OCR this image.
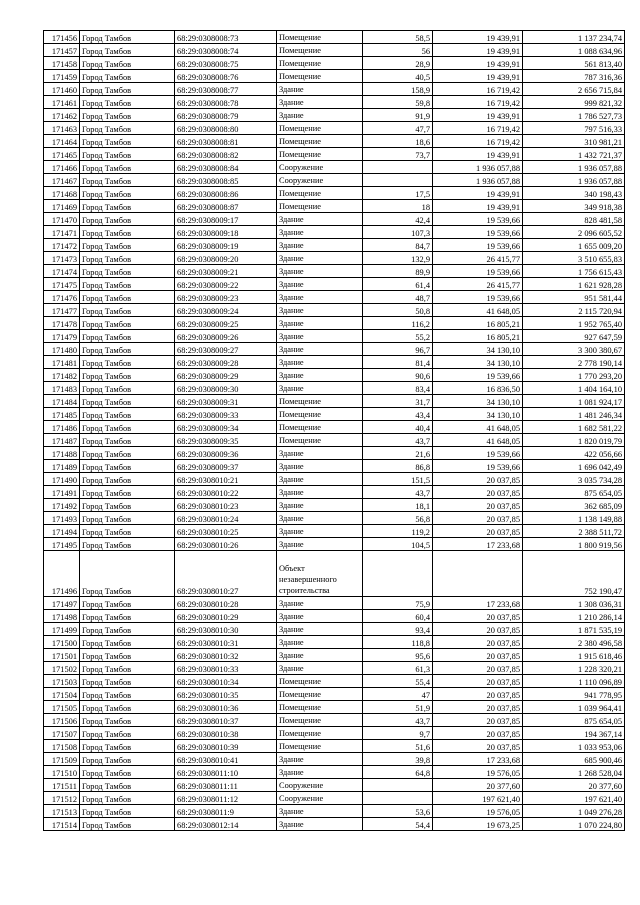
171456	Город Тамбов	68:29:0308008:73	Помещение	58,5	19 439,91	1 137 234,74
171457	Город Тамбов	68:29:0308008:74	Помещение	56	19 439,91	1 088 634,96
171458	Город Тамбов	68:29:0308008:75	Помещение	28,9	19 439,91	561 813,40
171459	Город Тамбов	68:29:0308008:76	Помещение	40,5	19 439,91	787 316,36
171460	Город Тамбов	68:29:0308008:77	Здание	158,9	16 719,42	2 656 715,84
171461	Город Тамбов	68:29:0308008:78	Здание	59,8	16 719,42	999 821,32
171462	Город Тамбов	68:29:0308008:79	Здание	91,9	19 439,91	1 786 527,73
171463	Город Тамбов	68:29:0308008:80	Помещение	47,7	16 719,42	797 516,33
171464	Город Тамбов	68:29:0308008:81	Помещение	18,6	16 719,42	310 981,21
171465	Город Тамбов	68:29:0308008:82	Помещение	73,7	19 439,91	1 432 721,37
171466	Город Тамбов	68:29:0308008:84	Сооружение		1 936 057,88	1 936 057,88
171467	Город Тамбов	68:29:0308008:85	Сооружение		1 936 057,88	1 936 057,88
171468	Город Тамбов	68:29:0308008:86	Помещение	17,5	19 439,91	340 198,43
171469	Город Тамбов	68:29:0308008:87	Помещение	18	19 439,91	349 918,38
171470	Город Тамбов	68:29:0308009:17	Здание	42,4	19 539,66	828 481,58
171471	Город Тамбов	68:29:0308009:18	Здание	107,3	19 539,66	2 096 605,52
171472	Город Тамбов	68:29:0308009:19	Здание	84,7	19 539,66	1 655 009,20
171473	Город Тамбов	68:29:0308009:20	Здание	132,9	26 415,77	3 510 655,83
171474	Город Тамбов	68:29:0308009:21	Здание	89,9	19 539,66	1 756 615,43
171475	Город Тамбов	68:29:0308009:22	Здание	61,4	26 415,77	1 621 928,28
171476	Город Тамбов	68:29:0308009:23	Здание	48,7	19 539,66	951 581,44
171477	Город Тамбов	68:29:0308009:24	Здание	50,8	41 648,05	2 115 720,94
171478	Город Тамбов	68:29:0308009:25	Здание	116,2	16 805,21	1 952 765,40
171479	Город Тамбов	68:29:0308009:26	Здание	55,2	16 805,21	927 647,59
171480	Город Тамбов	68:29:0308009:27	Здание	96,7	34 130,10	3 300 380,67
171481	Город Тамбов	68:29:0308009:28	Здание	81,4	34 130,10	2 778 190,14
171482	Город Тамбов	68:29:0308009:29	Здание	90,6	19 539,66	1 770 293,20
171483	Город Тамбов	68:29:0308009:30	Здание	83,4	16 836,50	1 404 164,10
171484	Город Тамбов	68:29:0308009:31	Помещение	31,7	34 130,10	1 081 924,17
171485	Город Тамбов	68:29:0308009:33	Помещение	43,4	34 130,10	1 481 246,34
171486	Город Тамбов	68:29:0308009:34	Помещение	40,4	41 648,05	1 682 581,22
171487	Город Тамбов	68:29:0308009:35	Помещение	43,7	41 648,05	1 820 019,79
171488	Город Тамбов	68:29:0308009:36	Здание	21,6	19 539,66	422 056,66
171489	Город Тамбов	68:29:0308009:37	Здание	86,8	19 539,66	1 696 042,49
171490	Город Тамбов	68:29:0308010:21	Здание	151,5	20 037,85	3 035 734,28
171491	Город Тамбов	68:29:0308010:22	Здание	43,7	20 037,85	875 654,05
171492	Город Тамбов	68:29:0308010:23	Здание	18,1	20 037,85	362 685,09
171493	Город Тамбов	68:29:0308010:24	Здание	56,8	20 037,85	1 138 149,88
171494	Город Тамбов	68:29:0308010:25	Здание	119,2	20 037,85	2 388 511,72
171495	Город Тамбов	68:29:0308010:26	Здание	104,5	17 233,68	1 800 919,56
171496	Город Тамбов	68:29:0308010:27	Объект незавершенного строительства			752 190,47
171497	Город Тамбов	68:29:0308010:28	Здание	75,9	17 233,68	1 308 036,31
171498	Город Тамбов	68:29:0308010:29	Здание	60,4	20 037,85	1 210 286,14
171499	Город Тамбов	68:29:0308010:30	Здание	93,4	20 037,85	1 871 535,19
171500	Город Тамбов	68:29:0308010:31	Здание	118,8	20 037,85	2 380 496,58
171501	Город Тамбов	68:29:0308010:32	Здание	95,6	20 037,85	1 915 618,46
171502	Город Тамбов	68:29:0308010:33	Здание	61,3	20 037,85	1 228 320,21
171503	Город Тамбов	68:29:0308010:34	Помещение	55,4	20 037,85	1 110 096,89
171504	Город Тамбов	68:29:0308010:35	Помещение	47	20 037,85	941 778,95
171505	Город Тамбов	68:29:0308010:36	Помещение	51,9	20 037,85	1 039 964,41
171506	Город Тамбов	68:29:0308010:37	Помещение	43,7	20 037,85	875 654,05
171507	Город Тамбов	68:29:0308010:38	Помещение	9,7	20 037,85	194 367,14
171508	Город Тамбов	68:29:0308010:39	Помещение	51,6	20 037,85	1 033 953,06
171509	Город Тамбов	68:29:0308010:41	Здание	39,8	17 233,68	685 900,46
171510	Город Тамбов	68:29:0308011:10	Здание	64,8	19 576,05	1 268 528,04
171511	Город Тамбов	68:29:0308011:11	Сооружение		20 377,60	20 377,60
171512	Город Тамбов	68:29:0308011:12	Сооружение		197 621,40	197 621,40
171513	Город Тамбов	68:29:0308011:9	Здание	53,6	19 576,05	1 049 276,28
171514	Город Тамбов	68:29:0308012:14	Здание	54,4	19 673,25	1 070 224,80
